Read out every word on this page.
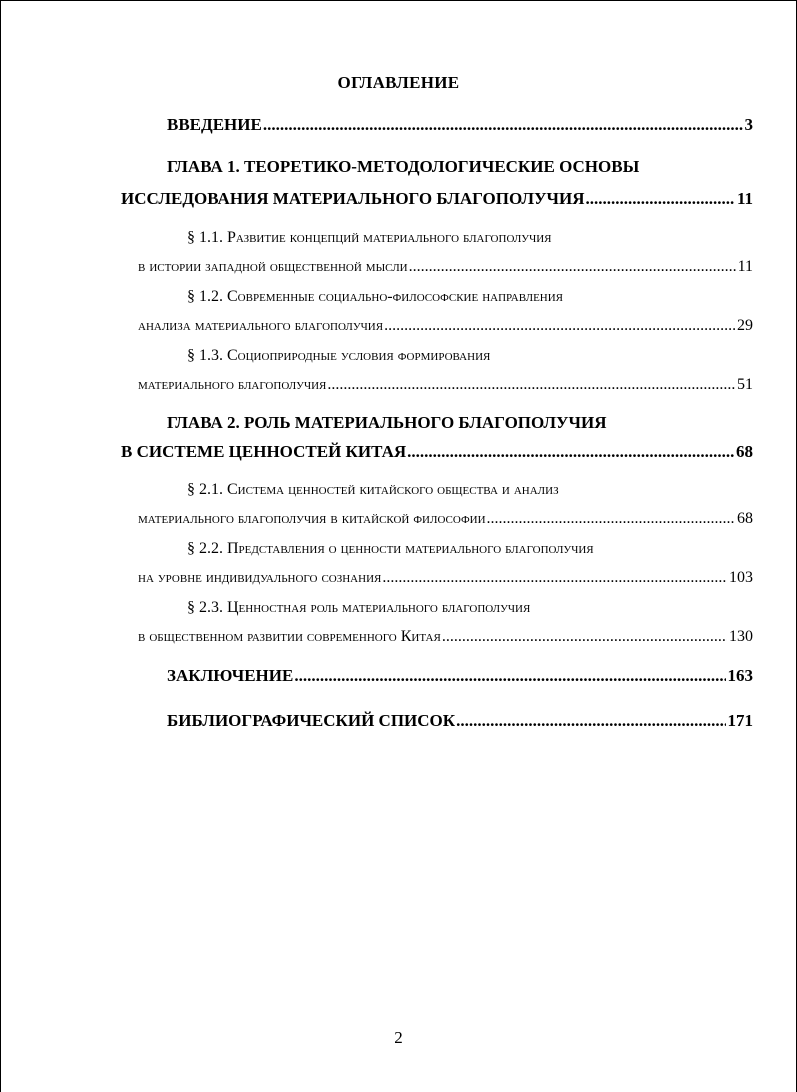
ОГЛАВЛЕНИЕ
ВВЕДЕНИЕ .....	3
ГЛАВА 1. ТЕОРЕТИКО-МЕТОДОЛОГИЧЕСКИЕ ОСНОВЫ
ИССЛЕДОВАНИЯ МАТЕРИАЛЬНОГО БЛАГОПОЛУЧИЯ .....	11
§ 1.1. Развитие концепций материального благополучия
в истории западной общественной мысли .....	11
§ 1.2. Современные социально-философские направления
анализа материального благополучия .....	29
§ 1.3. Социоприродные условия формирования
материального благополучия .....	51
ГЛАВА 2. РОЛЬ МАТЕРИАЛЬНОГО БЛАГОПОЛУЧИЯ
В СИСТЕМЕ ЦЕННОСТЕЙ КИТАЯ .....	68
§ 2.1. Система ценностей китайского общества и анализ
материального благополучия в китайской философии .....	68
§ 2.2. Представления о ценности материального благополучия
на уровне индивидуального сознания .....	103
§ 2.3. Ценностная роль материального благополучия
в общественном развитии современного Китая .....	130
ЗАКЛЮЧЕНИЕ .....	163
БИБЛИОГРАФИЧЕСКИЙ СПИСОК .....	171
2
